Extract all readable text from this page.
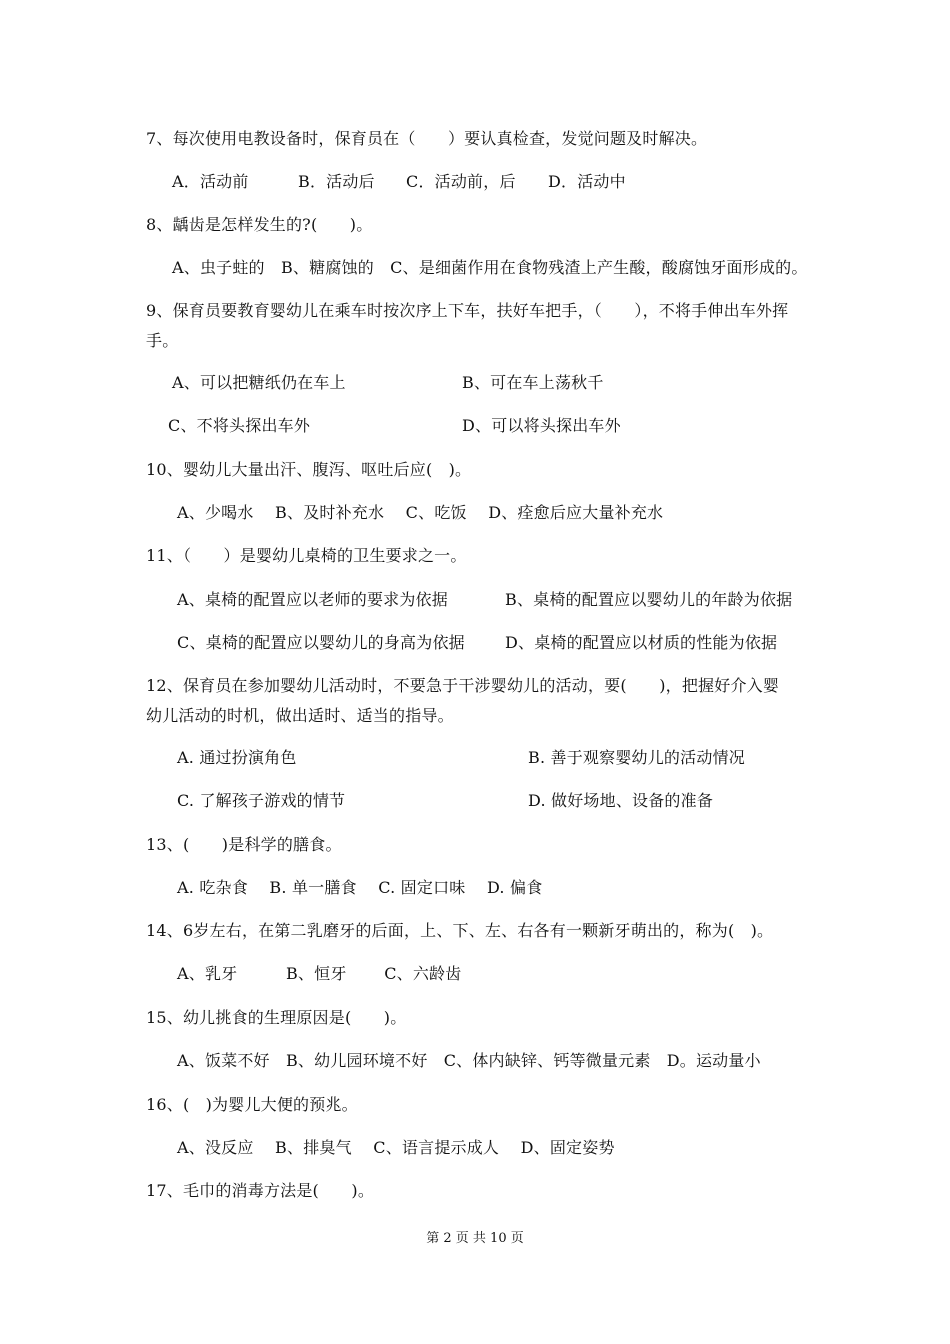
7、每次使用电教设备时，保育员在（　　）要认真检查，发觉问题及时解决。
A．活动前	B．活动后 C．活动前，后 D．活动中
8、龋齿是怎样发生的?(　　)。
A、虫子蛀的　B、糖腐蚀的　C、是细菌作用在食物残渣上产生酸，酸腐蚀牙面形成的。
9、保育员要教育婴幼儿在乘车时按次序上下车，扶好车把手，（　　），不将手伸出车外挥
手。
A、可以把糖纸仍在车上	B、可在车上荡秋千
C、不将头探出车外	D、可以将头探出车外
10、婴幼儿大量出汗、腹泻、呕吐后应(　)。
A、少喝水　 B、及时补充水　 C、吃饭　 D、痊愈后应大量补充水
11、（　　）是婴幼儿桌椅的卫生要求之一。
A、桌椅的配置应以老师的要求为依据	B、桌椅的配置应以婴幼儿的年龄为依据
C、桌椅的配置应以婴幼儿的身高为依据	D、桌椅的配置应以材质的性能为依据
12、保育员在参加婴幼儿活动时，不要急于干涉婴幼儿的活动，要(　　)，把握好介入婴
幼儿活动的时机，做出适时、适当的指导。
A. 通过扮演角色	B. 善于观察婴幼儿的活动情况
C. 了解孩子游戏的情节	D. 做好场地、设备的准备
13、(　　)是科学的膳食。
A. 吃杂食　 B. 单一膳食　 C. 固定口味　 D. 偏食
14、6岁左右，在第二乳磨牙的后面，上、下、左、右各有一颗新牙萌出的，称为(　)。
A、乳牙　　　B、恒牙　　 C、六龄齿
15、幼儿挑食的生理原因是(　　)。
A、饭菜不好　B、幼儿园环境不好　C、体内缺锌、钙等微量元素　D。运动量小
16、(　)为婴儿大便的预兆。
A、没反应　 B、排臭气　 C、语言提示成人　 D、固定姿势
17、毛巾的消毒方法是(　　)。
第 2 页 共 10 页
